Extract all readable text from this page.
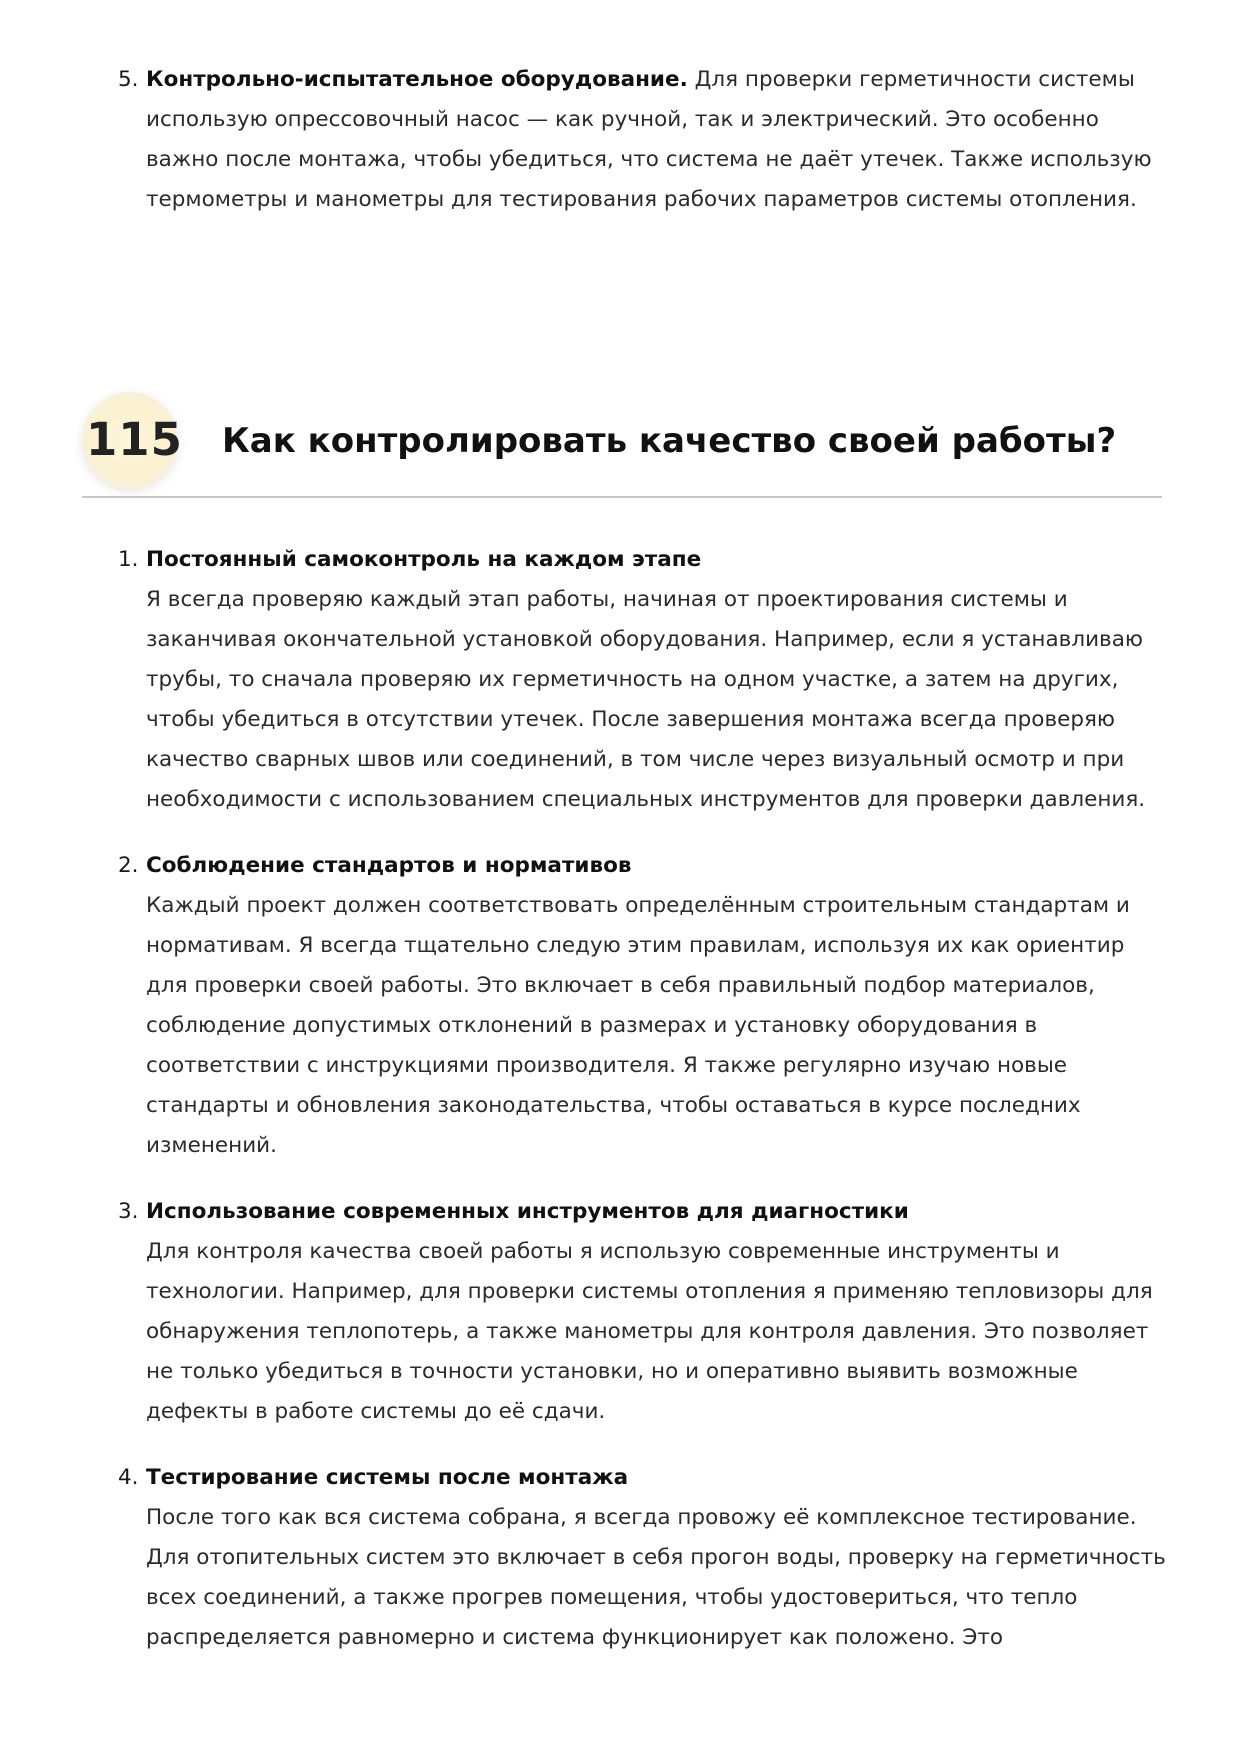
5. Контрольно-испытательное оборудование. Для проверки герметичности системы использую опрессовочный насос — как ручной, так и электрический. Это особенно важно после монтажа, чтобы убедиться, что система не даёт утечек. Также использую термометры и манометры для тестирования рабочих параметров системы отопления.
115	Как контролировать качество своей работы?
1. Постоянный самоконтроль на каждом этапе
Я всегда проверяю каждый этап работы, начиная от проектирования системы и заканчивая окончательной установкой оборудования. Например, если я устанавливаю трубы, то сначала проверяю их герметичность на одном участке, а затем на других, чтобы убедиться в отсутствии утечек. После завершения монтажа всегда проверяю качество сварных швов или соединений, в том числе через визуальный осмотр и при необходимости с использованием специальных инструментов для проверки давления.
2. Соблюдение стандартов и нормативов
Каждый проект должен соответствовать определённым строительным стандартам и нормативам. Я всегда тщательно следую этим правилам, используя их как ориентир для проверки своей работы. Это включает в себя правильный подбор материалов, соблюдение допустимых отклонений в размерах и установку оборудования в соответствии с инструкциями производителя. Я также регулярно изучаю новые стандарты и обновления законодательства, чтобы оставаться в курсе последних изменений.
3. Использование современных инструментов для диагностики
Для контроля качества своей работы я использую современные инструменты и технологии. Например, для проверки системы отопления я применяю тепловизоры для обнаружения теплопотерь, а также манометры для контроля давления. Это позволяет не только убедиться в точности установки, но и оперативно выявить возможные дефекты в работе системы до её сдачи.
4. Тестирование системы после монтажа
После того как вся система собрана, я всегда провожу её комплексное тестирование. Для отопительных систем это включает в себя прогон воды, проверку на герметичность всех соединений, а также прогрев помещения, чтобы удостовериться, что тепло распределяется равномерно и система функционирует как положено. Это
